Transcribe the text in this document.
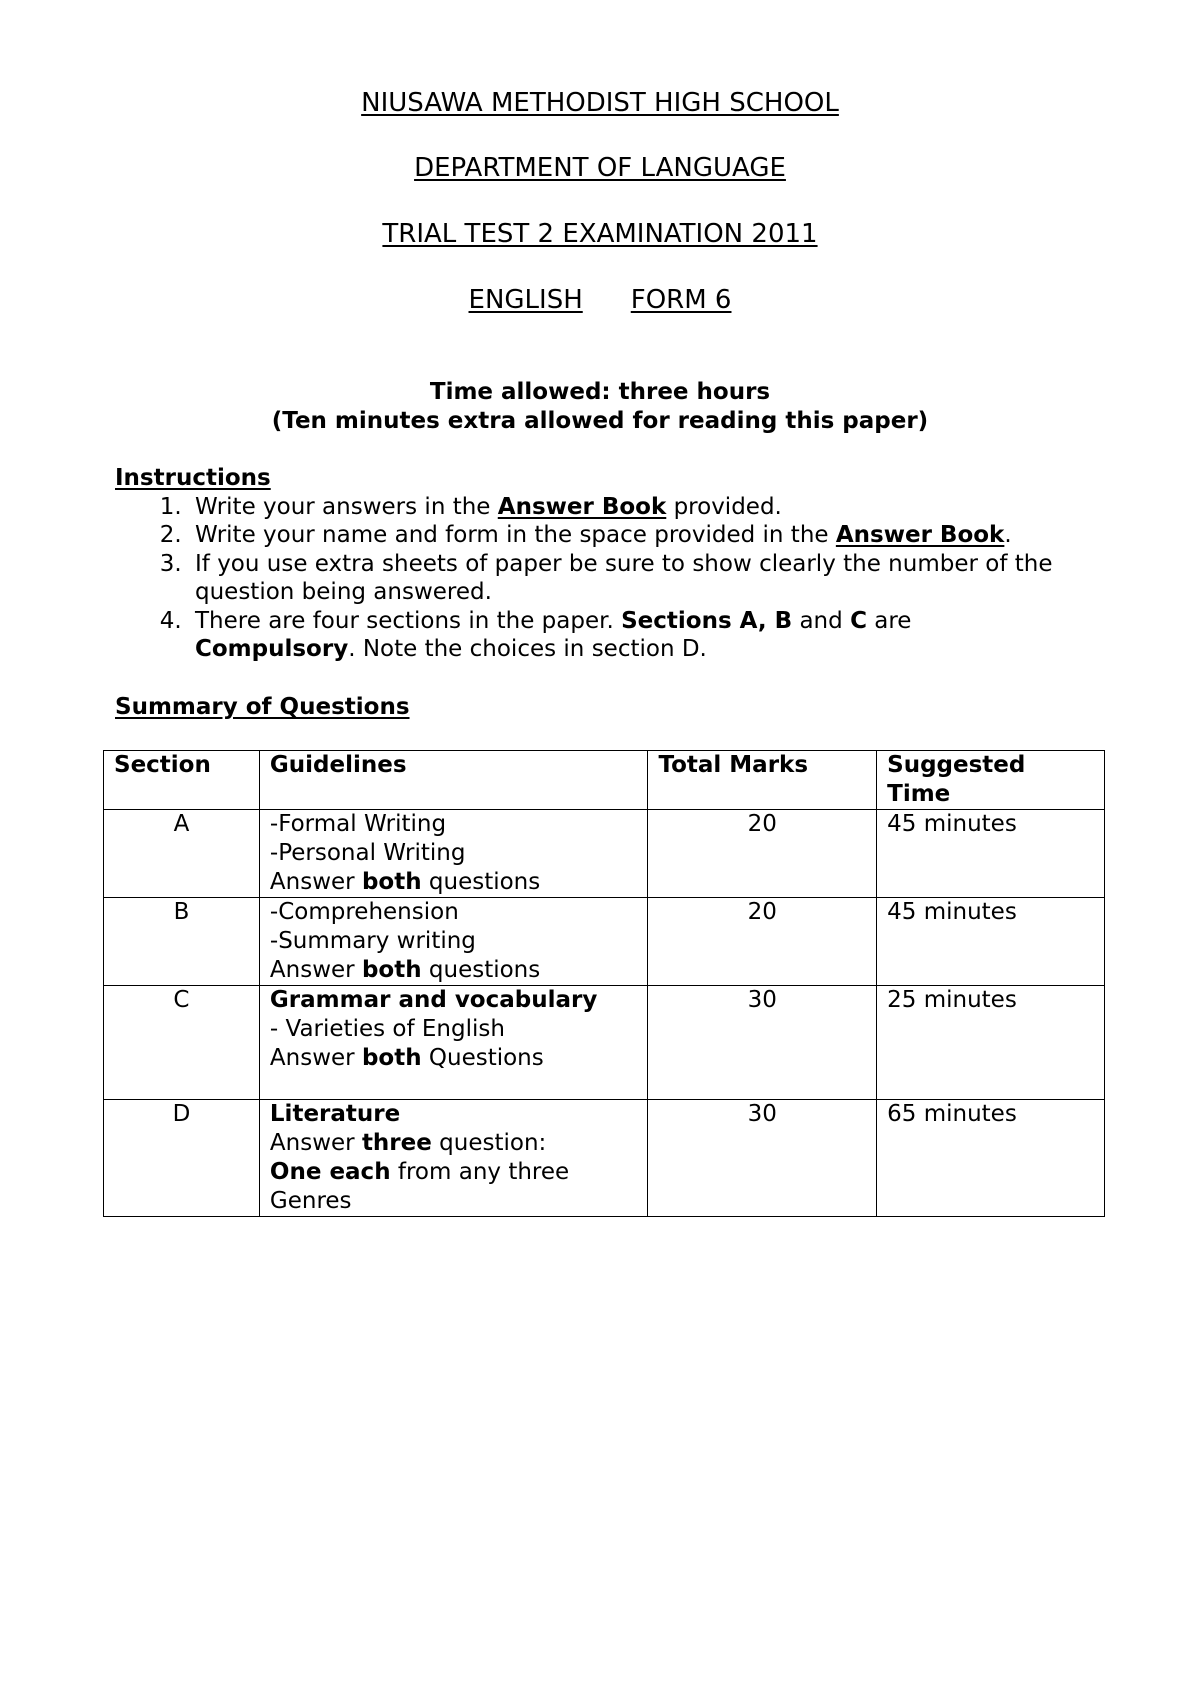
NIUSAWA METHODIST HIGH SCHOOL
DEPARTMENT OF LANGUAGE
TRIAL TEST 2 EXAMINATION 2011
ENGLISH FORM 6
Time allowed: three hours
(Ten minutes extra allowed for reading this paper)
Instructions
1. Write your answers in the Answer Book provided.
2. Write your name and form in the space provided in the Answer Book.
3. If you use extra sheets of paper be sure to show clearly the number of the question being answered.
4. There are four sections in the paper. Sections A, B and C are Compulsory. Note the choices in section D.
Summary of Questions
Section	Guidelines	Total Marks	Suggested Time
A	-Formal Writing
-Personal Writing
Answer both questions	20	45 minutes
B	-Comprehension
-Summary writing
Answer both questions	20	45 minutes
C	Grammar and vocabulary
- Varieties of English
Answer both Questions	30	25 minutes
D	Literature
Answer three question:
One each from any three Genres	30	65 minutes
